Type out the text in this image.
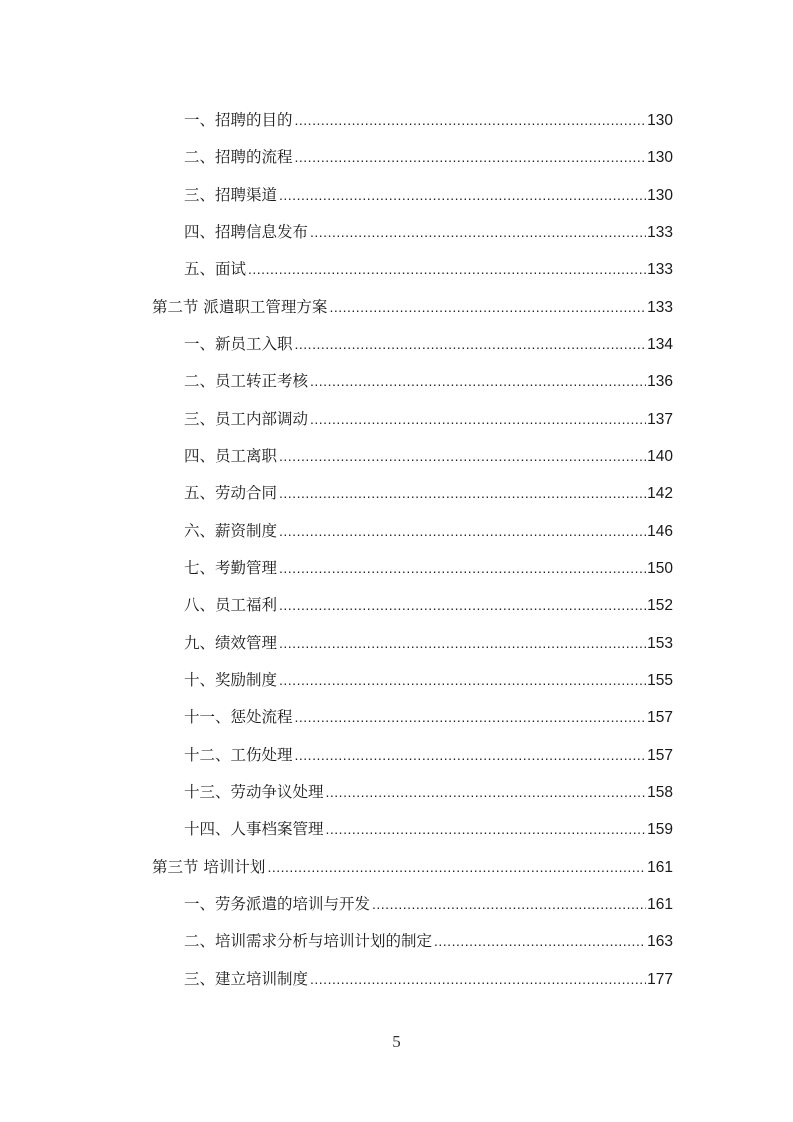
一、招聘的目的 .....	130
二、招聘的流程 .....	130
三、招聘渠道 .....	130
四、招聘信息发布 .....	133
五、面试 .....	133
第二节 派遣职工管理方案 .....	133
一、新员工入职 .....	134
二、员工转正考核 .....	136
三、员工内部调动 .....	137
四、员工离职 .....	140
五、劳动合同 .....	142
六、薪资制度 .....	146
七、考勤管理 .....	150
八、员工福利 .....	152
九、绩效管理 .....	153
十、奖励制度 .....	155
十一、惩处流程 .....	157
十二、工伤处理 .....	157
十三、劳动争议处理 .....	158
十四、人事档案管理 .....	159
第三节 培训计划 .....	161
一、劳务派遣的培训与开发 .....	161
二、培训需求分析与培训计划的制定 .....	163
三、建立培训制度 .....	177
5
